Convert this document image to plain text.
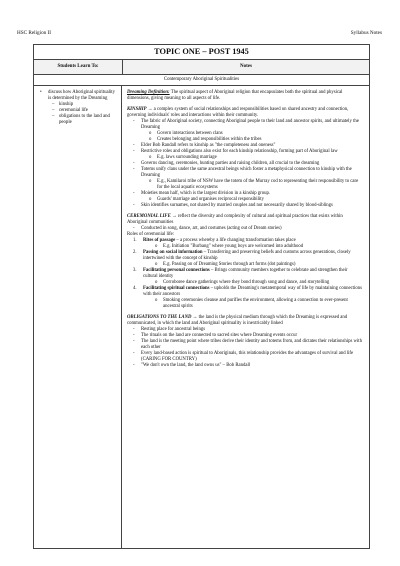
HSC Religion II	Syllabus Notes
TOPIC ONE – POST 1945
Students Learn To:	Notes
Contemporary Aboriginal Spiritualities
•	discuss how Aboriginal spirituality is determined by the Dreaming
– kinship
– ceremonial life
– obligations to the land and people

Dreaming Definition: The spiritual aspect of Aboriginal religion that encapsulates both the spiritual and physical dimensions, giving meaning to all aspects of life.

KINSHIP → a complex system of social relationships and responsibilities based on shared ancestry and connection, governing individuals' roles and interactions within their community.

-	The fabric of Aboriginal society, connecting Aboriginal people to their land and ancestor spirits, and ultimately the Dreaming
o	Govern interactions between clans
o	Creates belonging and responsibilities within the tribes
-	Elder Bob Randall refers to kinship as "the completeness and oneness"
-	Restrictive roles and obligations also exist for each kinship relationship, forming part of Aboriginal law
o	E.g. laws surrounding marriage
-	Governs dancing, ceremonies, hunting parties and raising children, all crucial to the dreaming
-	Totems unify clans under the same ancestral beings which foster a metaphysical connection to kinship with the Dreaming
o	E.g., Kamilaroi tribe of NSW have the totem of the Murray cod to representing their responsibility to care for the local aquatic ecosystems
-	Moieties mean half, which is the largest division in a kinship group.
o	Guards' marriage and organises reciprocal responsibility
-	Skin identifies surnames, not shared by married couples and not necessarily shared by blood-siblings

CEREMONIAL LIFE → reflect the diversity and complexity of cultural and spiritual practices that exists within Aboriginal communities

-	Conducted in song, dance, art, and costumes (acting out of Dream stories)

Roles of ceremonial life:

1.	Rites of passage – a process whereby a life changing transformation takes place
o	E.g. Initiation "Burbang" where young boys are welcomed into adulthood
2.	Passing on social information – Transferring and preserving beliefs and customs across generations, closely intertwined with the concept of kinship
o	E.g. Passing on of Dreaming Stories through art forms (dot paintings)
3.	Facilitating personal connections – Brings community members together to celebrate and strengthen their cultural identity
o	Corroboree dance gatherings where they bond through song and dance, and storytelling
4.	Facilitating spiritual connections – upholds the Dreaming's metatemporal way of life by maintaining connections with their ancestors
o	Smoking ceremonies cleanse and purifies the environment, allowing a connection to ever-present ancestral spirits

OBLIGATIONS TO THE LAND → the land is the physical medium through which the Dreaming is expressed and communicated, in which the land and Aboriginal spirituality is inextricably linked

-	Resting place for ancestral beings
-	The rituals on the land are connected to sacred sites where Dreaming events occur
-	The land is the meeting point where tribes derive their identity and totems from, and dictates their relationships with each other
-	Every land-based action is spiritual to Aboriginals, this relationship provides the advantages of survival and life (CARING FOR COUNTRY)
-	"We don't own the land, the land owns us" – Bob Randall
